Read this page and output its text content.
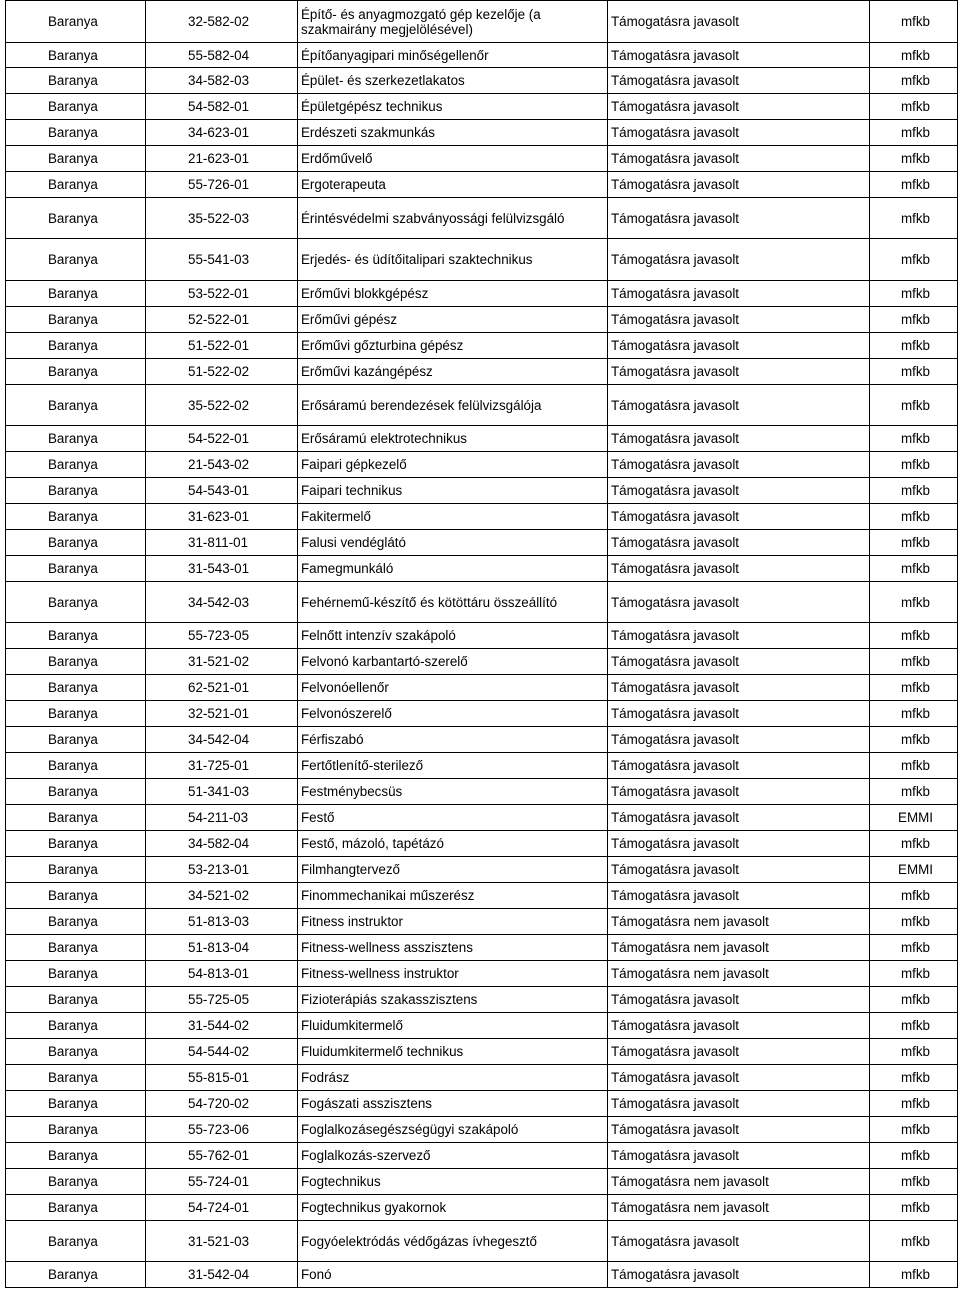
Baranya	32-582-02	Építő- és anyagmozgató gép kezelője (a szakmairány megjelölésével)	Támogatásra javasolt	mfkb
Baranya	55-582-04	Építőanyagipari minőségellenőr	Támogatásra javasolt	mfkb
Baranya	34-582-03	Épület- és szerkezetlakatos	Támogatásra javasolt	mfkb
Baranya	54-582-01	Épületgépész technikus	Támogatásra javasolt	mfkb
Baranya	34-623-01	Erdészeti szakmunkás	Támogatásra javasolt	mfkb
Baranya	21-623-01	Erdőművelő	Támogatásra javasolt	mfkb
Baranya	55-726-01	Ergoterapeuta	Támogatásra javasolt	mfkb
Baranya	35-522-03	Érintésvédelmi szabványossági felülvizsgáló	Támogatásra javasolt	mfkb
Baranya	55-541-03	Erjedés- és üdítőitalipari szaktechnikus	Támogatásra javasolt	mfkb
Baranya	53-522-01	Erőművi blokkgépész	Támogatásra javasolt	mfkb
Baranya	52-522-01	Erőművi gépész	Támogatásra javasolt	mfkb
Baranya	51-522-01	Erőművi gőzturbina gépész	Támogatásra javasolt	mfkb
Baranya	51-522-02	Erőművi kazángépész	Támogatásra javasolt	mfkb
Baranya	35-522-02	Erősáramú berendezések felülvizsgálója	Támogatásra javasolt	mfkb
Baranya	54-522-01	Erősáramú elektrotechnikus	Támogatásra javasolt	mfkb
Baranya	21-543-02	Faipari gépkezelő	Támogatásra javasolt	mfkb
Baranya	54-543-01	Faipari technikus	Támogatásra javasolt	mfkb
Baranya	31-623-01	Fakitermelő	Támogatásra javasolt	mfkb
Baranya	31-811-01	Falusi vendéglátó	Támogatásra javasolt	mfkb
Baranya	31-543-01	Famegmunkáló	Támogatásra javasolt	mfkb
Baranya	34-542-03	Fehérnemű-készítő és kötöttáru összeállító	Támogatásra javasolt	mfkb
Baranya	55-723-05	Felnőtt intenzív szakápoló	Támogatásra javasolt	mfkb
Baranya	31-521-02	Felvonó karbantartó-szerelő	Támogatásra javasolt	mfkb
Baranya	62-521-01	Felvonóellenőr	Támogatásra javasolt	mfkb
Baranya	32-521-01	Felvonószerelő	Támogatásra javasolt	mfkb
Baranya	34-542-04	Férfiszabó	Támogatásra javasolt	mfkb
Baranya	31-725-01	Fertőtlenítő-sterilező	Támogatásra javasolt	mfkb
Baranya	51-341-03	Festménybecsüs	Támogatásra javasolt	mfkb
Baranya	54-211-03	Festő	Támogatásra javasolt	EMMI
Baranya	34-582-04	Festő, mázoló, tapétázó	Támogatásra javasolt	mfkb
Baranya	53-213-01	Filmhangtervező	Támogatásra javasolt	EMMI
Baranya	34-521-02	Finommechanikai műszerész	Támogatásra javasolt	mfkb
Baranya	51-813-03	Fitness instruktor	Támogatásra nem javasolt	mfkb
Baranya	51-813-04	Fitness-wellness asszisztens	Támogatásra nem javasolt	mfkb
Baranya	54-813-01	Fitness-wellness instruktor	Támogatásra nem javasolt	mfkb
Baranya	55-725-05	Fizioterápiás szakasszisztens	Támogatásra javasolt	mfkb
Baranya	31-544-02	Fluidumkitermelő	Támogatásra javasolt	mfkb
Baranya	54-544-02	Fluidumkitermelő technikus	Támogatásra javasolt	mfkb
Baranya	55-815-01	Fodrász	Támogatásra javasolt	mfkb
Baranya	54-720-02	Fogászati asszisztens	Támogatásra javasolt	mfkb
Baranya	55-723-06	Foglalkozásegészségügyi szakápoló	Támogatásra javasolt	mfkb
Baranya	55-762-01	Foglalkozás-szervező	Támogatásra javasolt	mfkb
Baranya	55-724-01	Fogtechnikus	Támogatásra nem javasolt	mfkb
Baranya	54-724-01	Fogtechnikus gyakornok	Támogatásra nem javasolt	mfkb
Baranya	31-521-03	Fogyóelektródás védőgázas ívhegesztő	Támogatásra javasolt	mfkb
Baranya	31-542-04	Fonó	Támogatásra javasolt	mfkb
